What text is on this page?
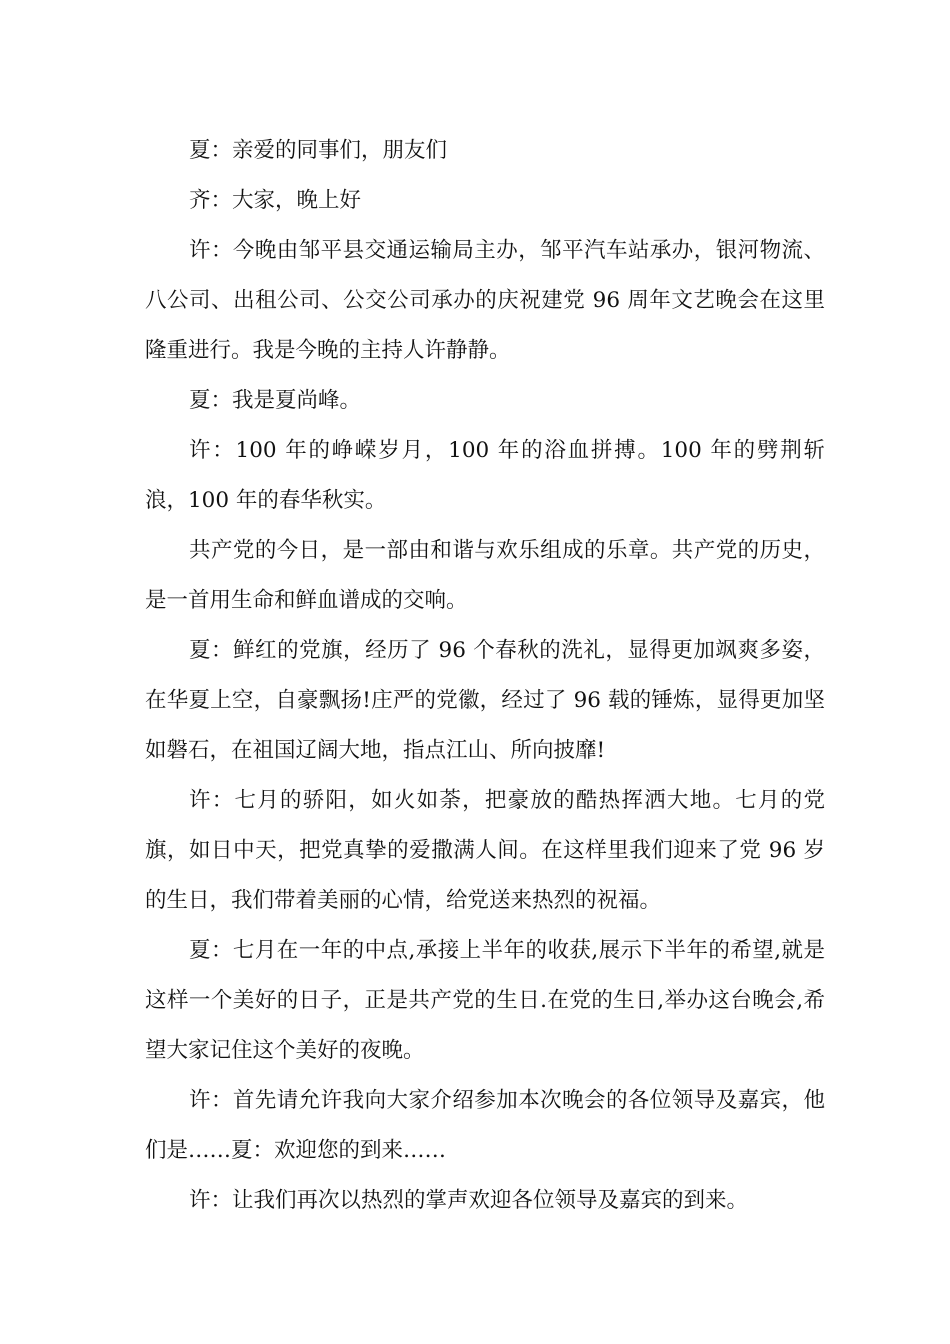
夏：亲爱的同事们，朋友们

齐：大家，晚上好

许：今晚由邹平县交通运输局主办，邹平汽车站承办，银河物流、八公司、出租公司、公交公司承办的庆祝建党 96 周年文艺晚会在这里隆重进行。我是今晚的主持人许静静。

夏：我是夏尚峰。

许：100 年的峥嵘岁月，100 年的浴血拼搏。100 年的劈荆斩浪，100 年的春华秋实。

共产党的今日，是一部由和谐与欢乐组成的乐章。共产党的历史，是一首用生命和鲜血谱成的交响。

夏：鲜红的党旗，经历了 96 个春秋的洗礼，显得更加飒爽多姿，在华夏上空，自豪飘扬!庄严的党徽，经过了 96 载的锤炼，显得更加坚如磐石，在祖国辽阔大地，指点江山、所向披靡!

许：七月的骄阳，如火如荼，把豪放的酷热挥洒大地。七月的党旗，如日中天，把党真挚的爱撒满人间。在这样里我们迎来了党 96 岁的生日，我们带着美丽的心情，给党送来热烈的祝福。

夏：七月在一年的中点,承接上半年的收获,展示下半年的希望,就是这样一个美好的日子，正是共产党的生日.在党的生日,举办这台晚会,希望大家记住这个美好的夜晚。

许：首先请允许我向大家介绍参加本次晚会的各位领导及嘉宾，他们是……夏：欢迎您的到来……

许：让我们再次以热烈的掌声欢迎各位领导及嘉宾的到来。
